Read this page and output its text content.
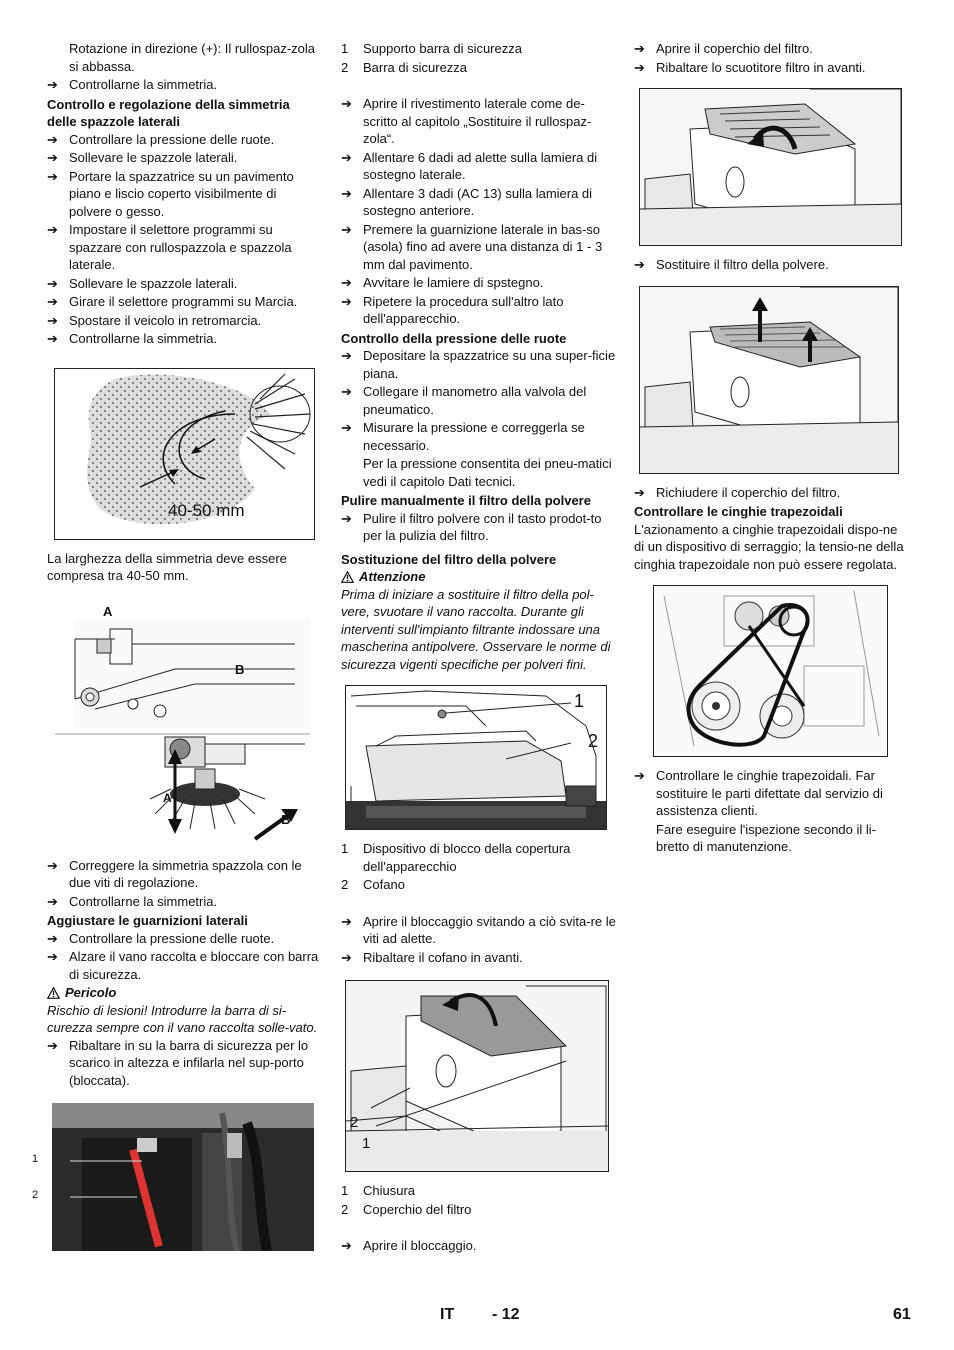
Rotazione in direzione (+): Il rullospaz-zola si abbassa.
➔ Controllarne la simmetria.
Controllo e regolazione della simmetria delle spazzole laterali
➔ Controllare la pressione delle ruote.
➔ Sollevare le spazzole laterali.
➔ Portare la spazzatrice su un pavimento piano e liscio coperto visibilmente di polvere o gesso.
➔ Impostare il selettore programmi su spazzare con rullospazzola e spazzola laterale.
➔ Sollevare le spazzole laterali.
➔ Girare il selettore programmi su Marcia.
➔ Spostare il veicolo in retromarcia.
➔ Controllarne la simmetria.
40-50 mm
La larghezza della simmetria deve essere compresa tra 40-50 mm.
A
B
A
B
➔ Correggere la simmetria spazzola con le due viti di regolazione.
➔ Controllarne la simmetria.
Aggiustare le guarnizioni laterali
➔ Controllare la pressione delle ruote.
➔ Alzare il vano raccolta e bloccare con barra di sicurezza.
Pericolo
Rischio di lesioni! Introdurre la barra di si-curezza sempre con il vano raccolta solle-vato.
➔ Ribaltare in su la barra di sicurezza per lo scarico in altezza e infilarla nel sup-porto (bloccata).
1
2
1	Supporto barra di sicurezza
2	Barra di sicurezza
➔ Aprire il rivestimento laterale come de-scritto al capitolo „Sostituire il rullospaz-zola“.
➔ Allentare 6 dadi ad alette sulla lamiera di sostegno laterale.
➔ Allentare 3 dadi (AC 13) sulla lamiera di sostegno anteriore.
➔ Premere la guarnizione laterale in bas-so (asola) fino ad avere una distanza di 1 - 3 mm dal pavimento.
➔ Avvitare le lamiere di spstegno.
➔ Ripetere la procedura sull'altro lato dell'apparecchio.
Controllo della pressione delle ruote
➔ Depositare la spazzatrice su una super-ficie piana.
➔ Collegare il manometro alla valvola del pneumatico.
➔ Misurare la pressione e correggerla se necessario.
Per la pressione consentita dei pneu-matici vedi il capitolo Dati tecnici.
Pulire manualmente il filtro della polvere
➔ Pulire il filtro polvere con il tasto prodot-to per la pulizia del filtro.
Sostituzione del filtro della polvere
Attenzione
Prima di iniziare a sostituire il filtro della pol-vere, svuotare il vano raccolta. Durante gli interventi sull'impianto filtrante indossare una mascherina antipolvere. Osservare le norme di sicurezza vigenti specifiche per polveri fini.
1
2
1	Dispositivo di blocco della copertura dell'apparecchio
2	Cofano
➔ Aprire il bloccaggio svitando a ciò svita-re le viti ad alette.
➔ Ribaltare il cofano in avanti.
2
1
1	Chiusura
2	Coperchio del filtro
➔ Aprire il bloccaggio.
➔ Aprire il coperchio del filtro.
➔ Ribaltare lo scuotitore filtro in avanti.
➔ Sostituire il filtro della polvere.
➔ Richiudere il coperchio del filtro.
Controllare le cinghie trapezoidali
L'azionamento a cinghie trapezoidali dispo-ne di un dispositivo di serraggio; la tensio-ne della cinghia trapezoidale non può essere regolata.
➔ Controllare le cinghie trapezoidali. Far sostituire le parti difettate dal servizio di assistenza clienti.
Fare eseguire l'ispezione secondo il li-bretto di manutenzione.
IT - 12	61
